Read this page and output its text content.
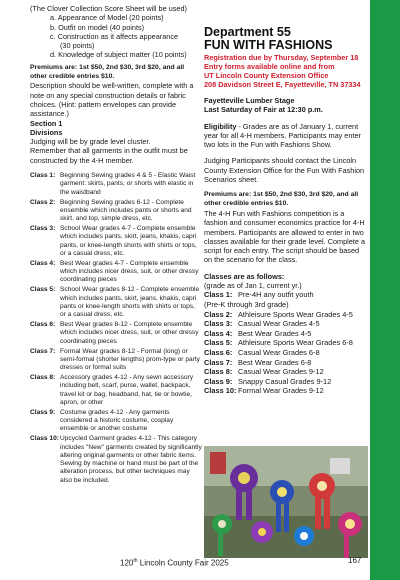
(The Clover Collection Score Sheet will be used)
a. Appearance of Model (20 points)
b. Outfit on model (40 points)
c. Construction as it affects appearance
(30 points)
d. Knowledge of subject matter (10 points)
Premiums are: 1st $50, 2nd $30, 3rd $20, and all other credible entries $10.
Description should be well-written, complete with a note on any special construction details or fabric choices. (Hint: pattern envelopes can provide assistance.)
Section 1
Divisions
Judging will be by grade level cluster.
Remember that all garments in the outfit must be constructed by the 4-H member.
Class 1: Beginning Sewing grades 4 & 5 - Elastic Waist garment: skirts, pants, or shorts with elastic in the waistband
Class 2: Beginning Sewing grades 6-12 - Complete ensemble which includes pants or shorts and skirt, and top, simple dress, etc.
Class 3: School Wear grades 4-7 - Complete ensemble which includes pants, skirt, jeans, khakis, capri pants, or knee-length shorts with shirts or tops, or a casual dress, etc.
Class 4: Best Wear grades 4-7 - Complete ensemble which includes nicer dress, suit, or other dressy coordinating pieces
Class 5: School Wear grades 8-12 - Complete ensemble which includes pants, skirt, jeans, khakis, capri pants or knee-length shorts with shirts or tops, or a casual dress, etc.
Class 6: Best Wear grades 8-12 - Complete ensemble which includes nicer dress, suit, or other dressy coordinating pieces
Class 7: Formal Wear grades 8-12 - Formal (long) or semi-formal (shorter lengths) prom-type or party dresses or formal suits
Class 8: Accessory grades 4-12 - Any sewn accessory including belt, scarf, purse, wallet, backpack, travel kit or bag, headband, hat, tie or bowtie, apron, or other
Class 9: Costume grades 4-12 - Any garments considered a historic costume, cosplay ensemble or another costume
Class 10: Upcycled Garment grades 4-12 - This category includes "New" garments created by significantly altering original garments or other fabric items. Sewing by machine or hand must be part of the alteration process, but other techniques may also be included.
Department 55
FUN WITH FASHIONS
Registration due by Thursday, September 18
Entry forms available online and from
UT Lincoln County Extension Office
208 Davidson Street E, Fayetteville, TN 37334
Fayetteville Lumber Stage
Last Saturday of Fair at 12:30 p.m.
Eligibility - Grades are as of January 1, current year for all 4-H members. Participants may enter two lots in the Fun with Fashions Show.
Judging Participants should contact the Lincoln County Extension Office for the Fun With Fashion Scenarios sheet.
Premiums are: 1st $50, 2nd $30, 3rd $20, and all other credible entries $10.
The 4-H Fun with Fashions competition is a fashion and consumer economics practice for 4-H members. Participants are allowed to enter in two classes available for their grade level. Complete a script for each entry. The script should be based on the scenario for the class.
Classes are as follows:
(grade as of Jan 1, current yr.)
Class 1: Pre-4H any outfit youth
(Pre-K through 3rd grade)
Class 2: Athleisure Sports Wear Grades 4-5
Class 3: Casual Wear Grades 4-5
Class 4: Best Wear Grades 4-5
Class 5: Athleisure Sports Wear Grades 6-8
Class 6: Casual Wear Grades 6-8
Class 7: Best Wear Grades 6-8
Class 8: Casual Wear Grades 9-12
Class 9: Snappy Casual Grades 9-12
Class 10: Formal Wear Grades 9-12
120th Lincoln County Fair 2025	167
